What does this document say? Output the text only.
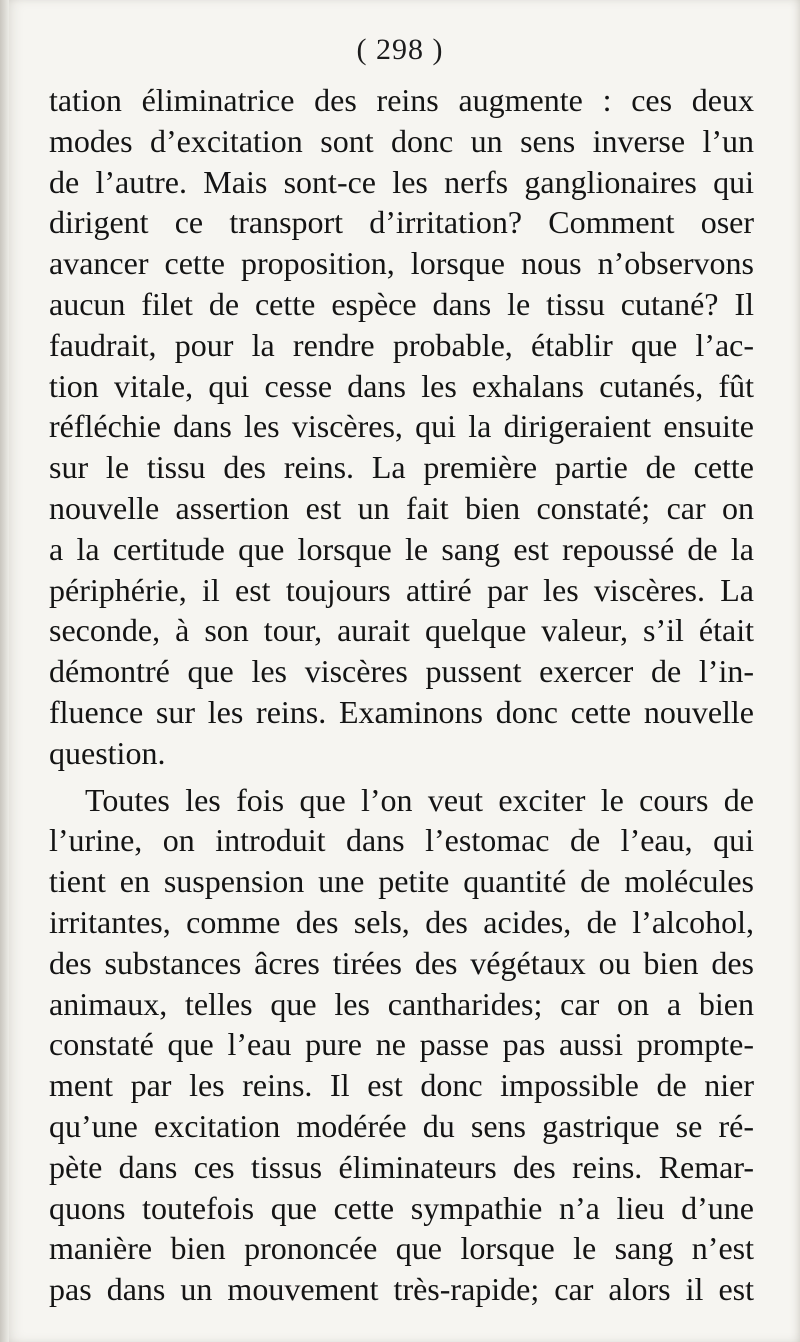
( 298 )
tation éliminatrice des reins augmente : ces deux
modes d’excitation sont donc un sens inverse l’un
de l’autre. Mais sont-ce les nerfs ganglionaires qui
dirigent ce transport d’irritation? Comment oser
avancer cette proposition, lorsque nous n’observons
aucun filet de cette espèce dans le tissu cutané? Il
faudrait, pour la rendre probable, établir que l’ac-
tion vitale, qui cesse dans les exhalans cutanés, fût
réfléchie dans les viscères, qui la dirigeraient ensuite
sur le tissu des reins. La première partie de cette
nouvelle assertion est un fait bien constaté; car on
a la certitude que lorsque le sang est repoussé de la
périphérie, il est toujours attiré par les viscères. La
seconde, à son tour, aurait quelque valeur, s’il était
démontré que les viscères pussent exercer de l’in-
fluence sur les reins. Examinons donc cette nouvelle
question.
Toutes les fois que l’on veut exciter le cours de
l’urine, on introduit dans l’estomac de l’eau, qui
tient en suspension une petite quantité de molécules
irritantes, comme des sels, des acides, de l’alcohol,
des substances âcres tirées des végétaux ou bien des
animaux, telles que les cantharides; car on a bien
constaté que l’eau pure ne passe pas aussi prompte-
ment par les reins. Il est donc impossible de nier
qu’une excitation modérée du sens gastrique se ré-
pète dans ces tissus éliminateurs des reins. Remar-
quons toutefois que cette sympathie n’a lieu d’une
manière bien prononcée que lorsque le sang n’est
pas dans un mouvement très-rapide; car alors il est
